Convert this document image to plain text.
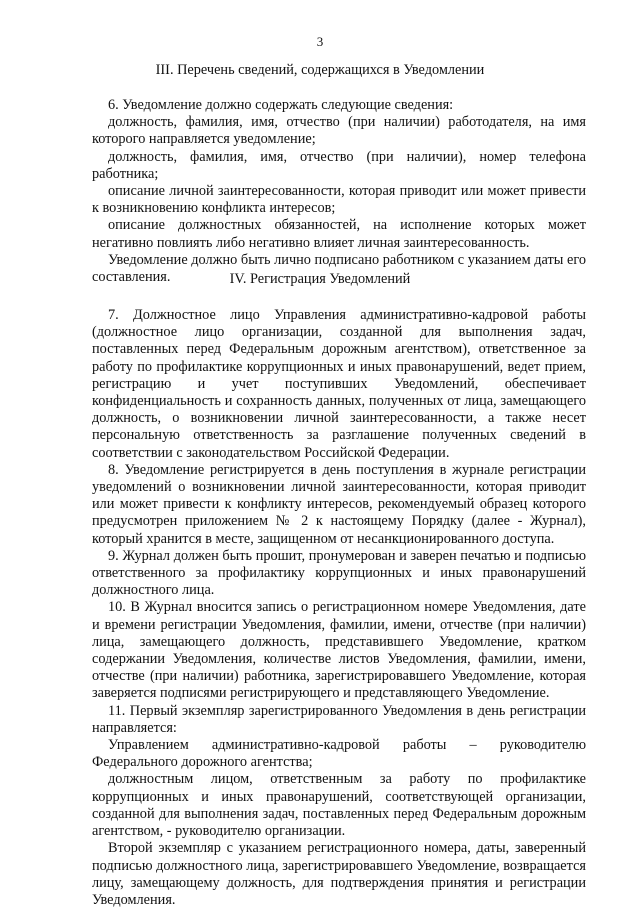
3
III. Перечень сведений, содержащихся в Уведомлении

6. Уведомление должно содержать следующие сведения:

должность, фамилия, имя, отчество (при наличии) работодателя, на имя которого направляется уведомление;

должность, фамилия, имя, отчество (при наличии), номер телефона работника;

описание личной заинтересованности, которая приводит или может привести к возникновению конфликта интересов;

описание должностных обязанностей, на исполнение которых может негативно повлиять либо негативно влияет личная заинтересованность.

Уведомление должно быть лично подписано работником с указанием даты его составления.	IV. Регистрация Уведомлений

7. Должностное лицо Управления административно-кадровой работы (должностное лицо организации, созданной для выполнения задач, поставленных перед Федеральным дорожным агентством), ответственное за работу по профилактике коррупционных и иных правонарушений, ведет прием, регистрацию и учет поступивших Уведомлений, обеспечивает конфиденциальность и сохранность данных, полученных от лица, замещающего должность, о возникновении личной заинтересованности, а также несет персональную ответственность за разглашение полученных сведений в соответствии с законодательством Российской Федерации.

8. Уведомление регистрируется в день поступления в журнале регистрации уведомлений о возникновении личной заинтересованности, которая приводит или может привести к конфликту интересов, рекомендуемый образец которого предусмотрен приложением № 2 к настоящему Порядку (далее - Журнал), который хранится в месте, защищенном от несанкционированного доступа.

9. Журнал должен быть прошит, пронумерован и заверен печатью и подписью ответственного за профилактику коррупционных и иных правонарушений должностного лица.

10. В Журнал вносится запись о регистрационном номере Уведомления, дате и времени регистрации Уведомления, фамилии, имени, отчестве (при наличии) лица, замещающего должность, представившего Уведомление, кратком содержании Уведомления, количестве листов Уведомления, фамилии, имени, отчестве (при наличии) работника, зарегистрировавшего Уведомление, которая заверяется подписями регистрирующего и представляющего Уведомление.

11. Первый экземпляр зарегистрированного Уведомления в день регистрации направляется:

Управлением административно-кадровой работы – руководителю Федерального дорожного агентства;

должностным лицом, ответственным за работу по профилактике коррупционных и иных правонарушений, соответствующей организации, созданной для выполнения задач, поставленных перед Федеральным дорожным агентством, - руководителю организации.

Второй экземпляр с указанием регистрационного номера, даты, заверенный подписью должностного лица, зарегистрировавшего Уведомление, возвращается лицу, замещающему должность, для подтверждения принятия и регистрации Уведомления.
